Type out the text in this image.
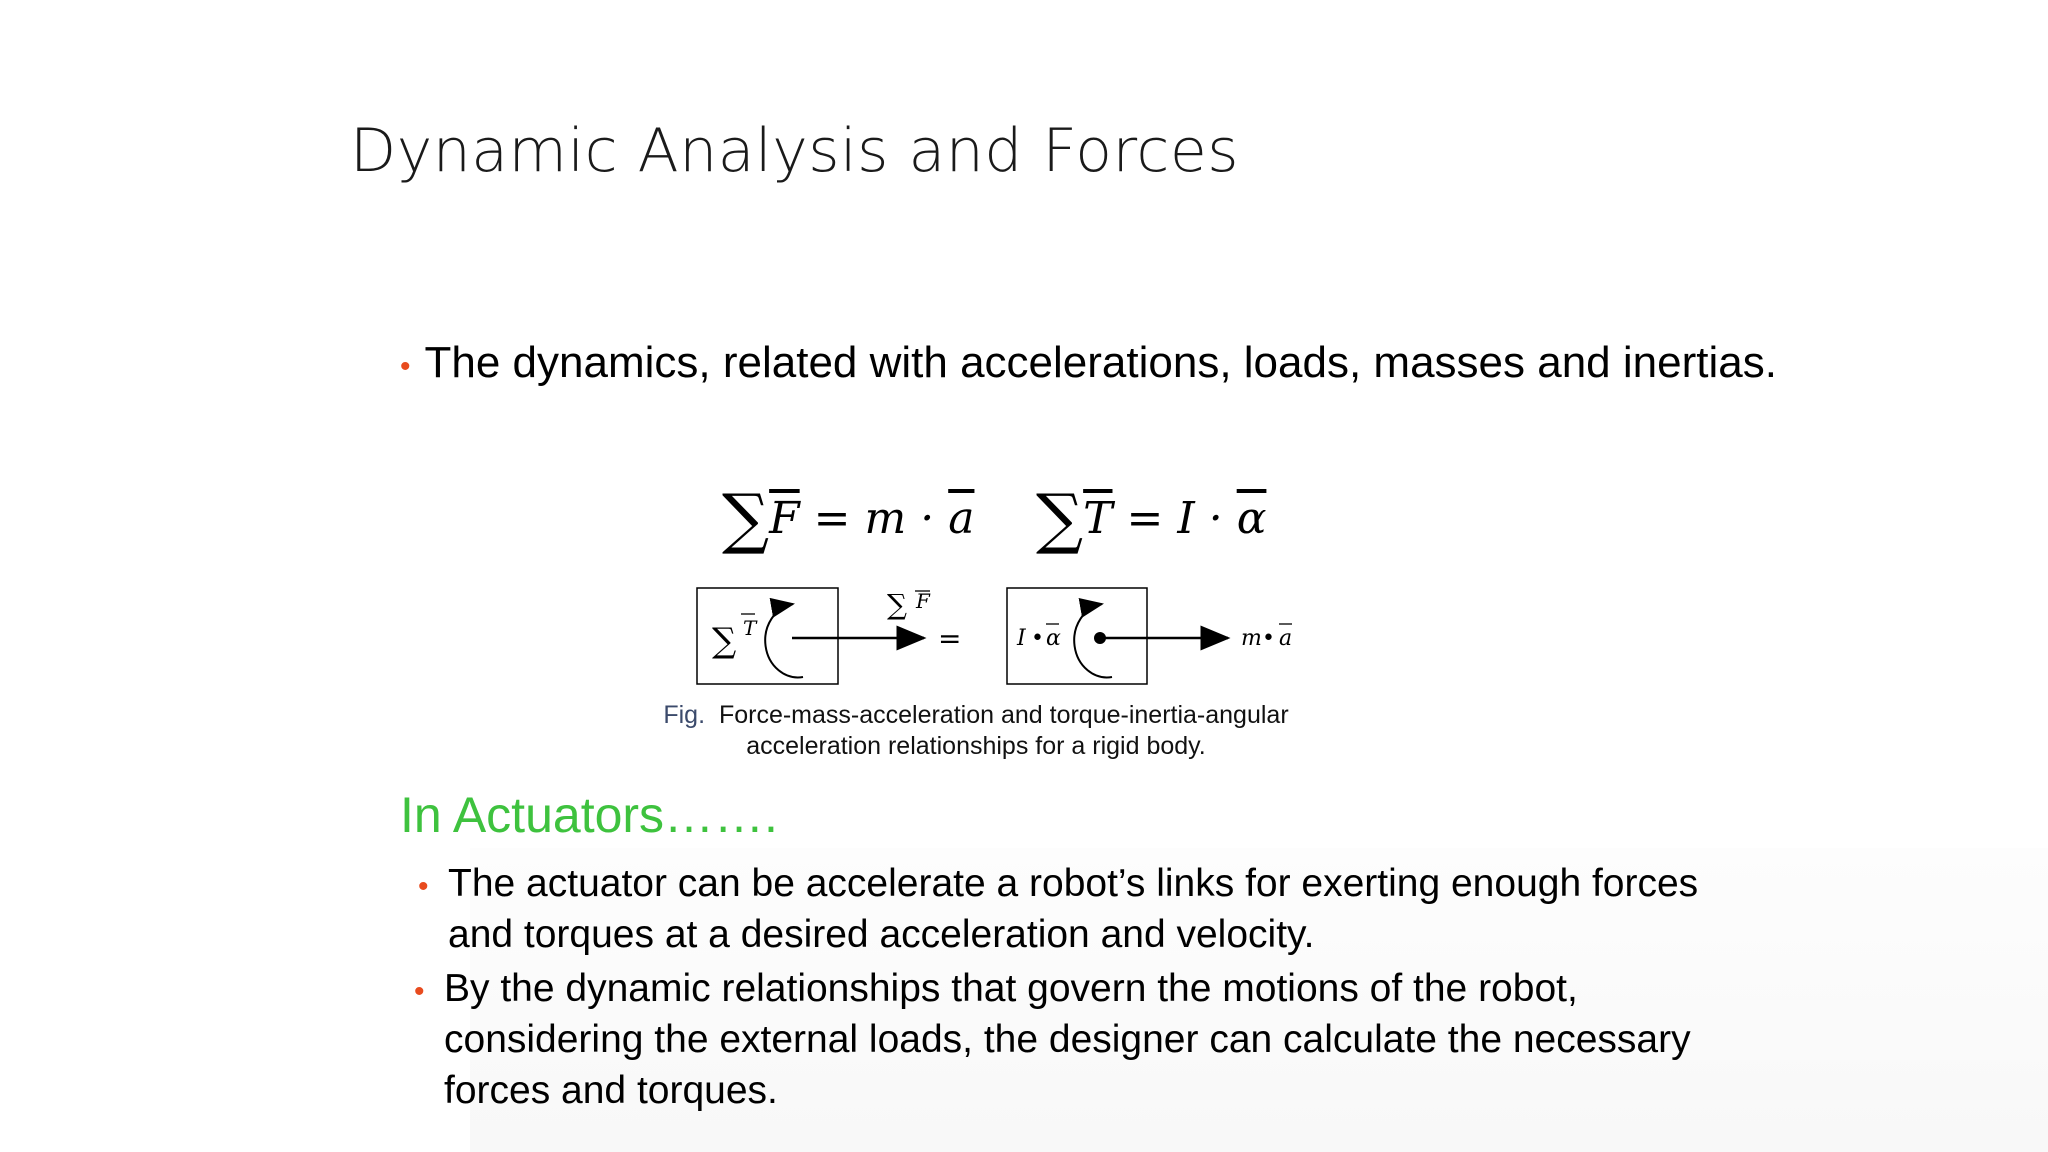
Dynamic Analysis and Forces
• The dynamics, related with accelerations, loads, masses and inertias.
$\sum\overline{F} = m \cdot \overline{a}$ $\sum\overline{T} = I \cdot \overline{\alpha}$
∑ T
∑ F
=	I • α	m • a
Fig. Force-mass-acceleration and torque-inertia-angular
acceleration relationships for a rigid body.
In Actuators…….
• The actuator can be accelerate a robot’s links for exerting enough forces
and torques at a desired acceleration and velocity.
• By the dynamic relationships that govern the motions of the robot,
considering the external loads, the designer can calculate the necessary
forces and torques.
